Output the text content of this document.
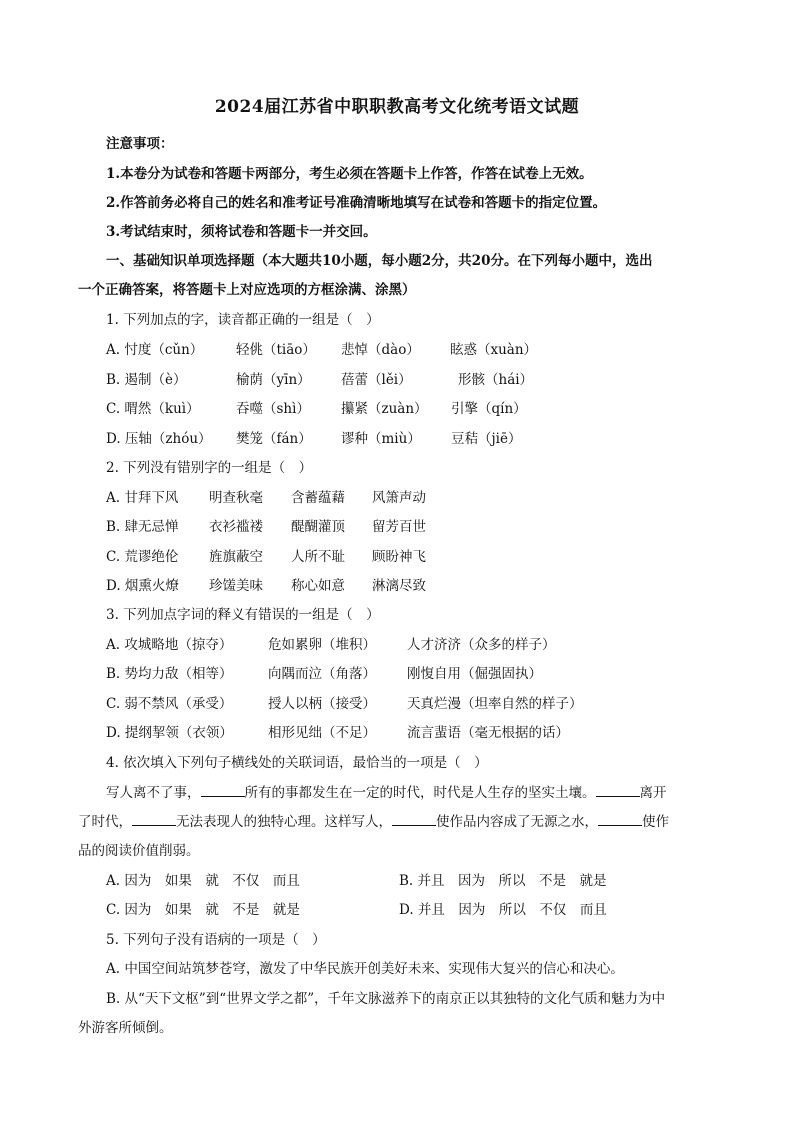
2024届江苏省中职职教高考文化统考语文试题
注意事项：
1.本卷分为试卷和答题卡两部分，考生必须在答题卡上作答，作答在试卷上无效。
2.作答前务必将自己的姓名和准考证号准确清晰地填写在试卷和答题卡的指定位置。
3.考试结束时，须将试卷和答题卡一并交回。
一、基础知识单项选择题（本大题共10小题，每小题2分，共20分。在下列每小题中，选出
一个正确答案，将答题卡上对应选项的方框涂满、涂黑）
1. 下列加点的字，读音都正确的一组是（　）
A. 忖度（cǔn） 轻佻（tiāo） 悲悼（dào） 眩惑（xuàn）
B. 遏制（è）	榆荫（yīn） 蓓蕾（lěi）	形骸（hái）
C. 喟然（kuì）	吞噬（shì） 攥紧（zuàn） 引擎（qín）
D. 压轴（zhóu） 樊笼（fán） 谬种（miù） 豆秸（jiē）
2. 下列没有错别字的一组是（　）
A. 甘拜下风 明查秋毫 含蓄蕴藉 风箫声动
B. 肆无忌惮 衣衫褴褛 醍醐灌顶 留芳百世
C. 荒谬绝伦 旌旗蔽空 人所不耻 顾盼神飞
D. 烟熏火燎 珍馐美味 称心如意 淋漓尽致
3. 下列加点字词的释义有错误的一组是（　）
A. 攻城略地（掠夺）	危如累卵（堆积） 人才济济（众多的样子）
B. 势均力敌（相等）	向隅而泣（角落） 刚愎自用（倔强固执）
C. 弱不禁风（承受）	授人以柄（接受） 天真烂漫（坦率自然的样子）
D. 提纲挈领（衣领）	相形见绌（不足） 流言蜚语（毫无根据的话）
4. 依次填入下列句子横线处的关联词语，最恰当的一项是（　）
写人离不了事，	所有的事都发生在一定的时代，时代是人生存的坚实土壤。	离开
了时代，	无法表现人的独特心理。这样写人，	使作品内容成了无源之水，	使作
品的阅读价值削弱。
A. 因为　如果　就　不仅　而且	B. 并且　因为　所以　不是　就是
C. 因为　如果　就　不是　就是	D. 并且　因为　所以　不仅　而且
5. 下列句子没有语病的一项是（　）
A. 中国空间站筑梦苍穹，激发了中华民族开创美好未来、实现伟大复兴的信心和决心。
B. 从“天下文枢”到“世界文学之都”，千年文脉滋养下的南京正以其独特的文化气质和魅力为中
外游客所倾倒。
